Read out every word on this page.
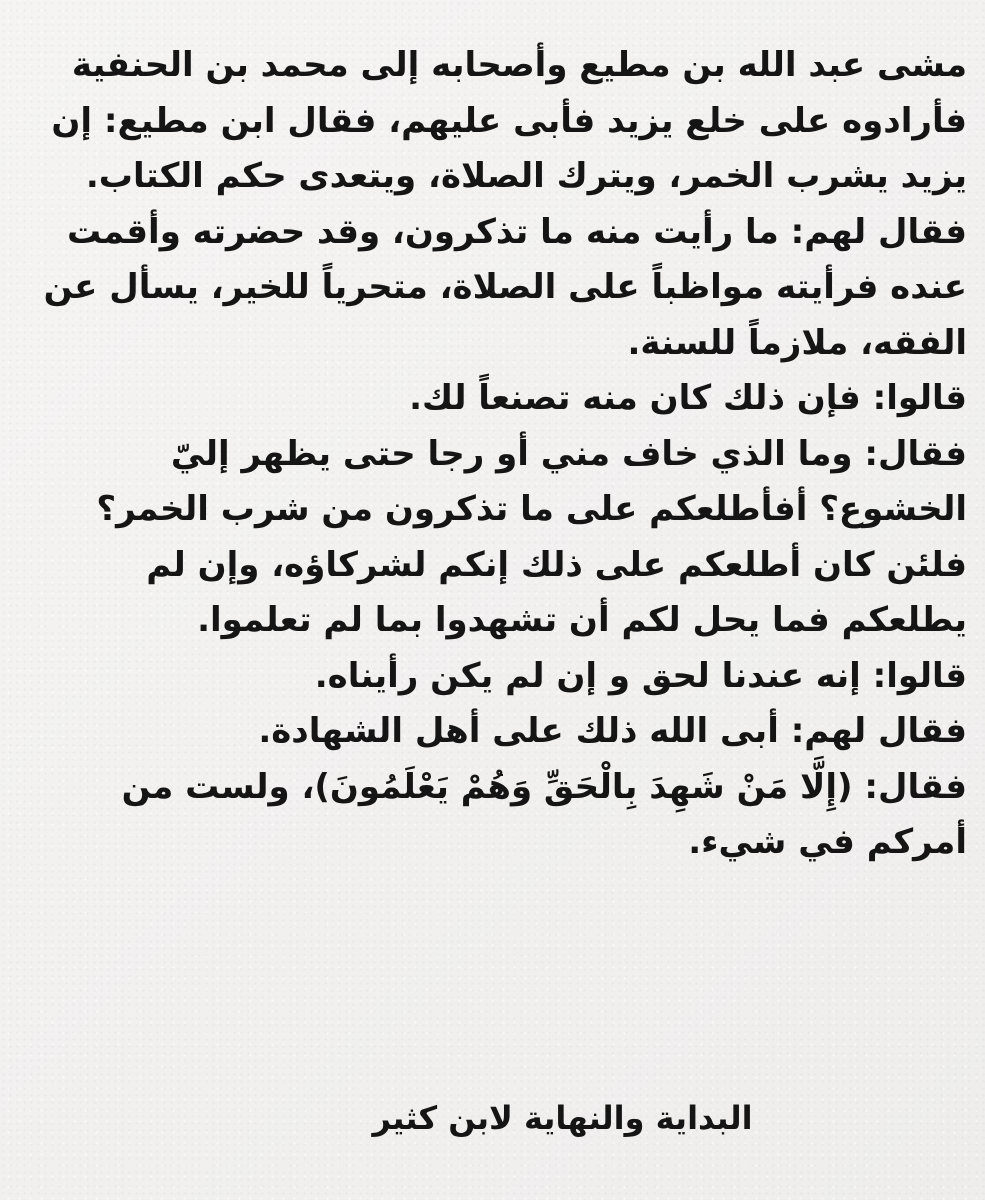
مشى عبد الله بن مطيع وأصحابه إلى محمد بن الحنفية فأرادوه على خلع يزيد فأبى عليهم، فقال ابن مطيع: إن يزيد يشرب الخمر، ويترك الصلاة، ويتعدى حكم الكتاب.

فقال لهم: ما رأيت منه ما تذكرون، وقد حضرته وأقمت عنده فرأيته مواظباً على الصلاة، متحرياً للخير، يسأل عن الفقه، ملازماً للسنة.

قالوا: فإن ذلك كان منه تصنعاً لك.

فقال: وما الذي خاف مني أو رجا حتى يظهر إليّ الخشوع؟ أفأطلعكم على ما تذكرون من شرب الخمر؟ فلئن كان أطلعكم على ذلك إنكم لشركاؤه، وإن لم يطلعكم فما يحل لكم أن تشهدوا بما لم تعلموا.

قالوا: إنه عندنا لحق و إن لم يكن رأيناه.

فقال لهم: أبى الله ذلك على أهل الشهادة.

فقال: (إِلَّا مَنْ شَهِدَ بِالْحَقِّ وَهُمْ يَعْلَمُونَ)، ولست من أمركم في شيء.

البداية والنهاية لابن كثير
